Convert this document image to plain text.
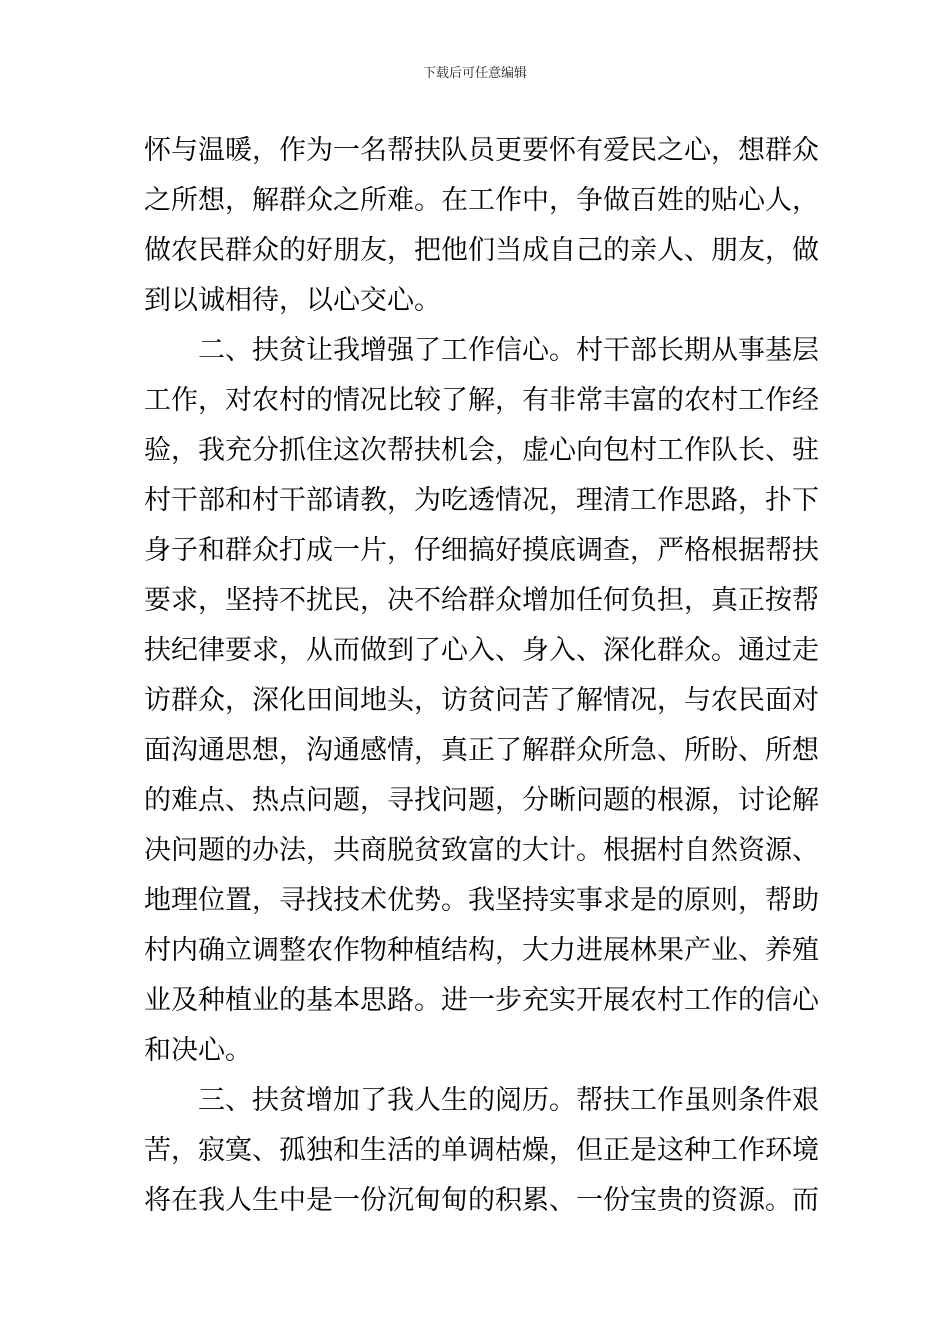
下载后可任意编辑
怀与温暖，作为一名帮扶队员更要怀有爱民之心，想群众
之所想，解群众之所难。在工作中，争做百姓的贴心人，
做农民群众的好朋友，把他们当成自己的亲人、朋友，做
到以诚相待，以心交心。
　　二、扶贫让我增强了工作信心。村干部长期从事基层
工作，对农村的情况比较了解，有非常丰富的农村工作经
验，我充分抓住这次帮扶机会，虚心向包村工作队长、驻
村干部和村干部请教，为吃透情况，理清工作思路，扑下
身子和群众打成一片，仔细搞好摸底调查，严格根据帮扶
要求，坚持不扰民，决不给群众增加任何负担，真正按帮
扶纪律要求，从而做到了心入、身入、深化群众。通过走
访群众，深化田间地头，访贫问苦了解情况，与农民面对
面沟通思想，沟通感情，真正了解群众所急、所盼、所想
的难点、热点问题，寻找问题，分晰问题的根源，讨论解
决问题的办法，共商脱贫致富的大计。根据村自然资源、
地理位置，寻找技术优势。我坚持实事求是的原则，帮助
村内确立调整农作物种植结构，大力进展林果产业、养殖
业及种植业的基本思路。进一步充实开展农村工作的信心
和决心。
　　三、扶贫增加了我人生的阅历。帮扶工作虽则条件艰
苦，寂寞、孤独和生活的单调枯燥，但正是这种工作环境
将在我人生中是一份沉甸甸的积累、一份宝贵的资源。而
